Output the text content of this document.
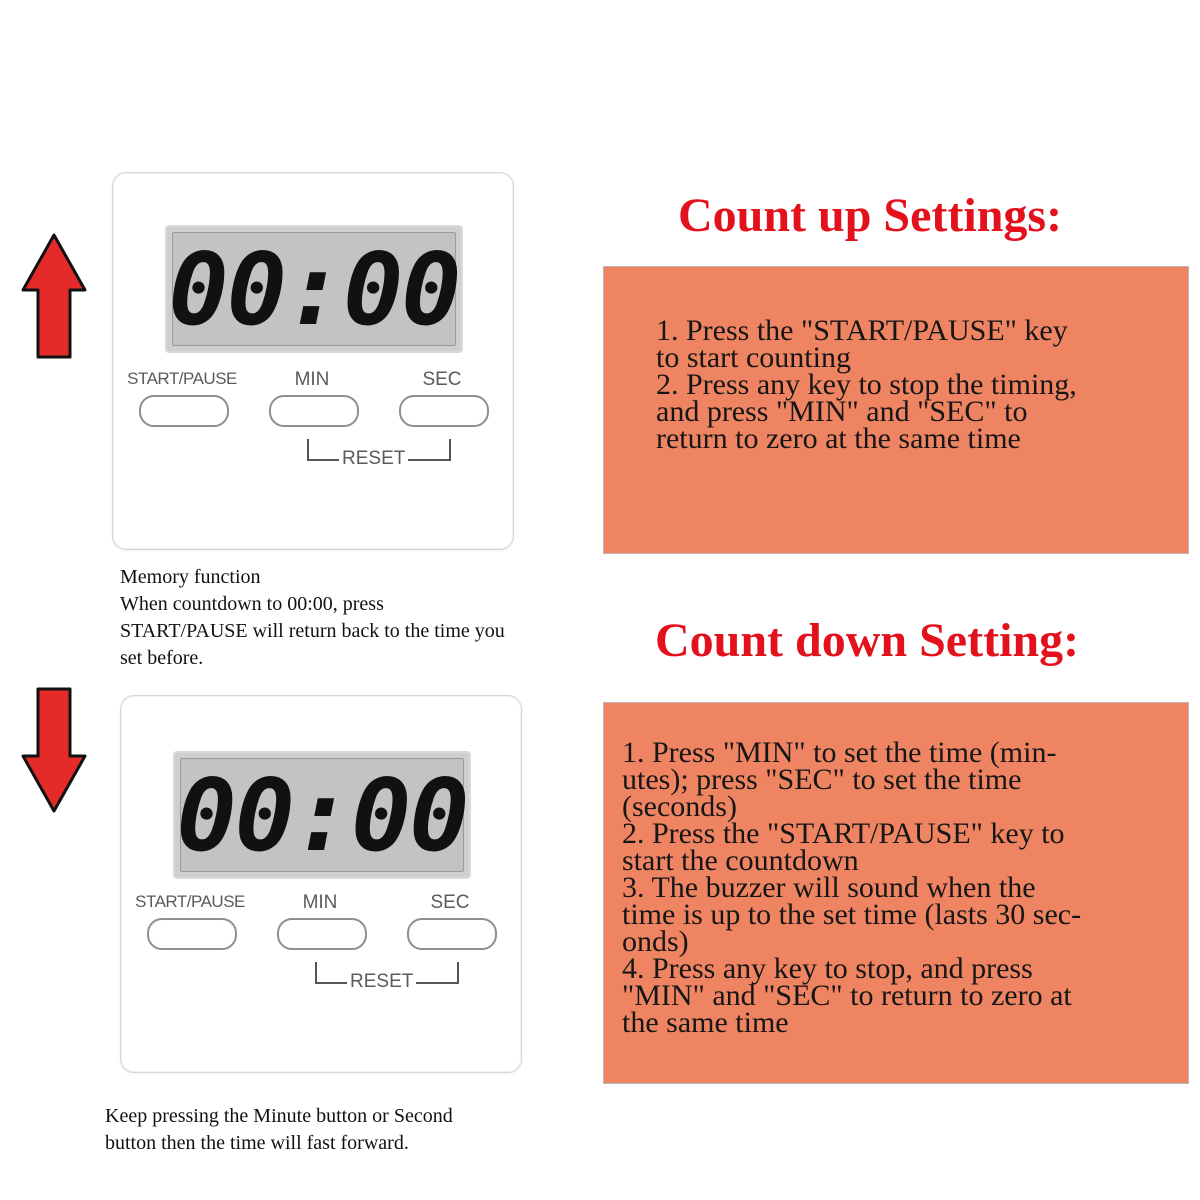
00:00
START/PAUSE	MIN	SEC
RESET
00:00
START/PAUSE	MIN	SEC
RESET
Memory function
When countdown to 00:00, press
START/PAUSE will return back to the time you
set before.
Keep pressing the Minute button or Second
button then the time will fast forward.
Count up Settings:
1. Press the "START/PAUSE" key
to start counting
2. Press any key to stop the timing,
and press "MIN" and "SEC" to
return to zero at the same time
Count down Setting:
1. Press "MIN" to set the time (min-
utes); press "SEC" to set the time
(seconds)
2. Press the "START/PAUSE" key to
start the countdown
3. The buzzer will sound when the
time is up to the set time (lasts 30 sec-
onds)
4. Press any key to stop, and press
"MIN" and "SEC" to return to zero at
the same time
